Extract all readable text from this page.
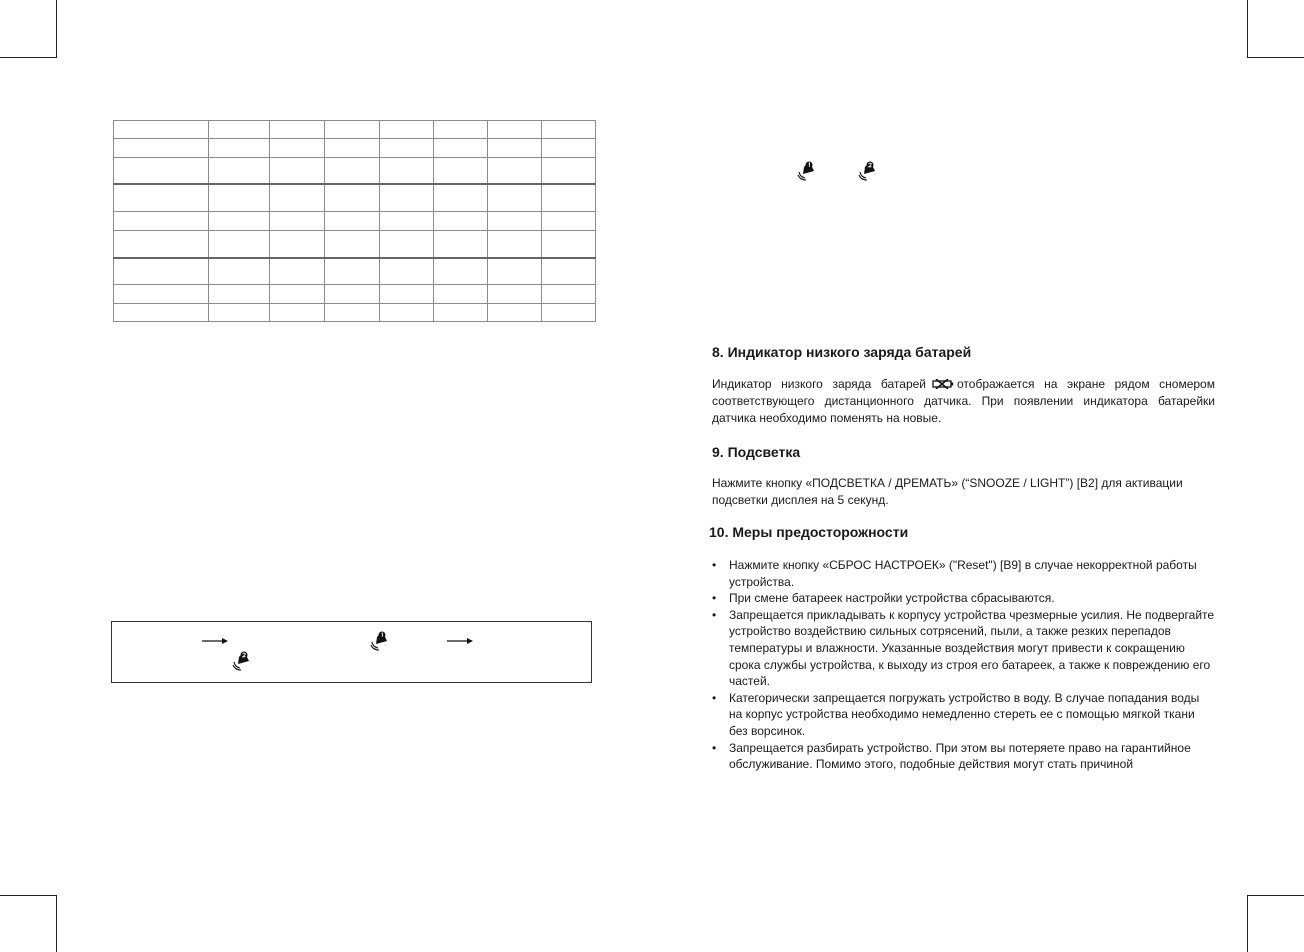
8. Индикатор низкого заряда батарей
Индикатор низкого заряда батарей	отображается на экране рядом сномером соответствующего дистанционного датчика. При появлении индикатора батарейки датчика необходимо поменять на новые.
9. Подсветка
Нажмите кнопку «ПОДСВЕТКА / ДРЕМАТЬ» (“SNOOZE / LIGHT”) [B2] для активации подсветки дисплея на 5 секунд.
10. Меры предосторожности
• Нажмите кнопку «СБРОС НАСТРОЕК» ("Reset") [B9] в случае некорректной работы устройства.
• При смене батареек настройки устройства сбрасываются.
• Запрещается прикладывать к корпусу устройства чрезмерные усилия. Не подвергайте устройство воздействию сильных сотрясений, пыли, а также резких перепадов температуры и влажности. Указанные воздействия могут привести к сокращению срока службы устройства, к выходу из строя его батареек, а также к повреждению его частей.
• Категорически запрещается погружать устройство в воду. В случае попадания воды на корпус устройства необходимо немедленно стереть ее с помощью мягкой ткани без ворсинок.
• Запрещается разбирать устройство. При этом вы потеряете право на гарантийное обслуживание. Помимо этого, подобные действия могут стать причиной
